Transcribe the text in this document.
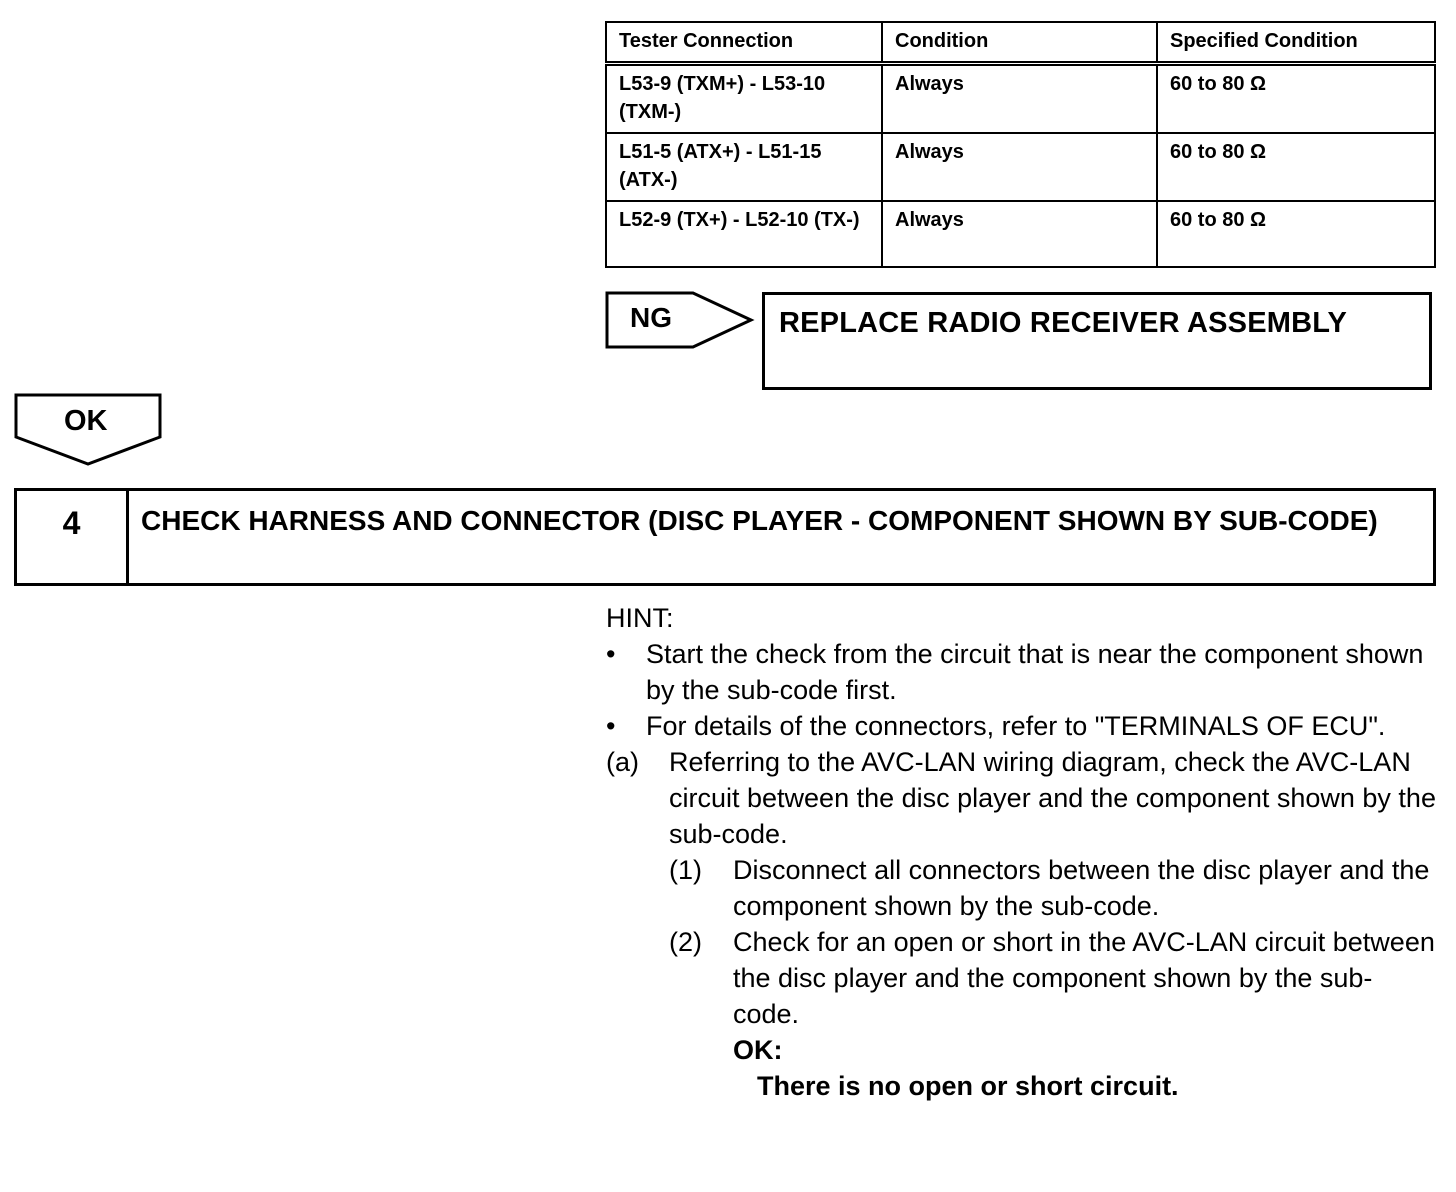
Tester Connection	Condition	Specified Condition
L53-9 (TXM+) - L53-10 (TXM-)	Always	60 to 80 Ω
L51-5 (ATX+) - L51-15 (ATX-)	Always	60 to 80 Ω
L52-9 (TX+) - L52-10 (TX-)	Always	60 to 80 Ω
NG	REPLACE RADIO RECEIVER ASSEMBLY
OK
4	CHECK HARNESS AND CONNECTOR (DISC PLAYER - COMPONENT SHOWN BY SUB-CODE)

HINT:

•	Start the check from the circuit that is near the component shown by the sub-code first.
•	For details of the connectors, refer to "TERMINALS OF ECU".
(a)	Referring to the AVC-LAN wiring diagram, check the AVC-LAN circuit between the disc player and the component shown by the sub-code.
(1)	Disconnect all connectors between the disc player and the component shown by the sub-code.
(2)	Check for an open or short in the AVC-LAN circuit between the disc player and the component shown by the sub-code.
OK:
There is no open or short circuit.
